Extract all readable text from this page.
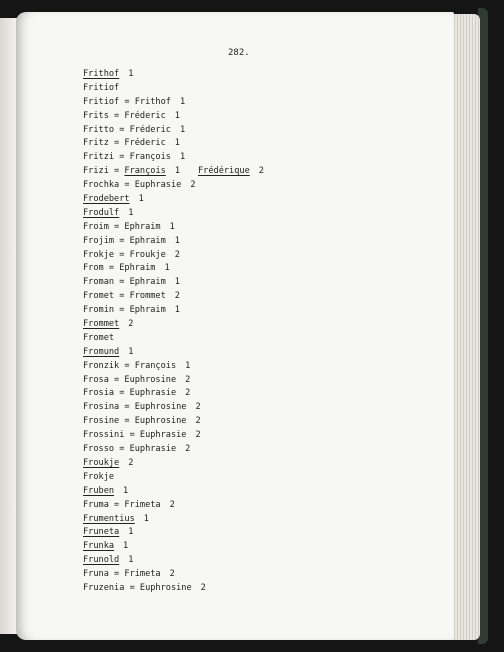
282.
Frithof 1
Fritiof
Fritiof = Frithof 1
Frits = Fréderic 1
Fritto = Fréderic 1
Fritz = Fréderic 1
Fritzi = François 1
Frizi = François 1 Frédérique 2
Frochka = Euphrasie 2
Frodebert 1
Frodulf 1
Froim = Ephraim 1
Frojim = Ephraim 1
Frokje = Froukje 2
From = Ephraim 1
Froman = Ephraim 1
Fromet = Frommet 2
Fromin = Ephraim 1
Frommet 2
Fromet
Fromund 1
Fronzik = François 1
Frosa = Euphrosine 2
Frosia = Euphrasie 2
Frosina = Euphrosine 2
Frosine = Euphrosine 2
Frossini = Euphrasie 2
Frosso = Euphrasie 2
Froukje 2
Frokje
Fruben 1
Fruma = Frimeta 2
Frumentius 1
Fruneta 1
Frunka 1
Frunold 1
Fruna = Frimeta 2
Fruzenia = Euphrosine 2
